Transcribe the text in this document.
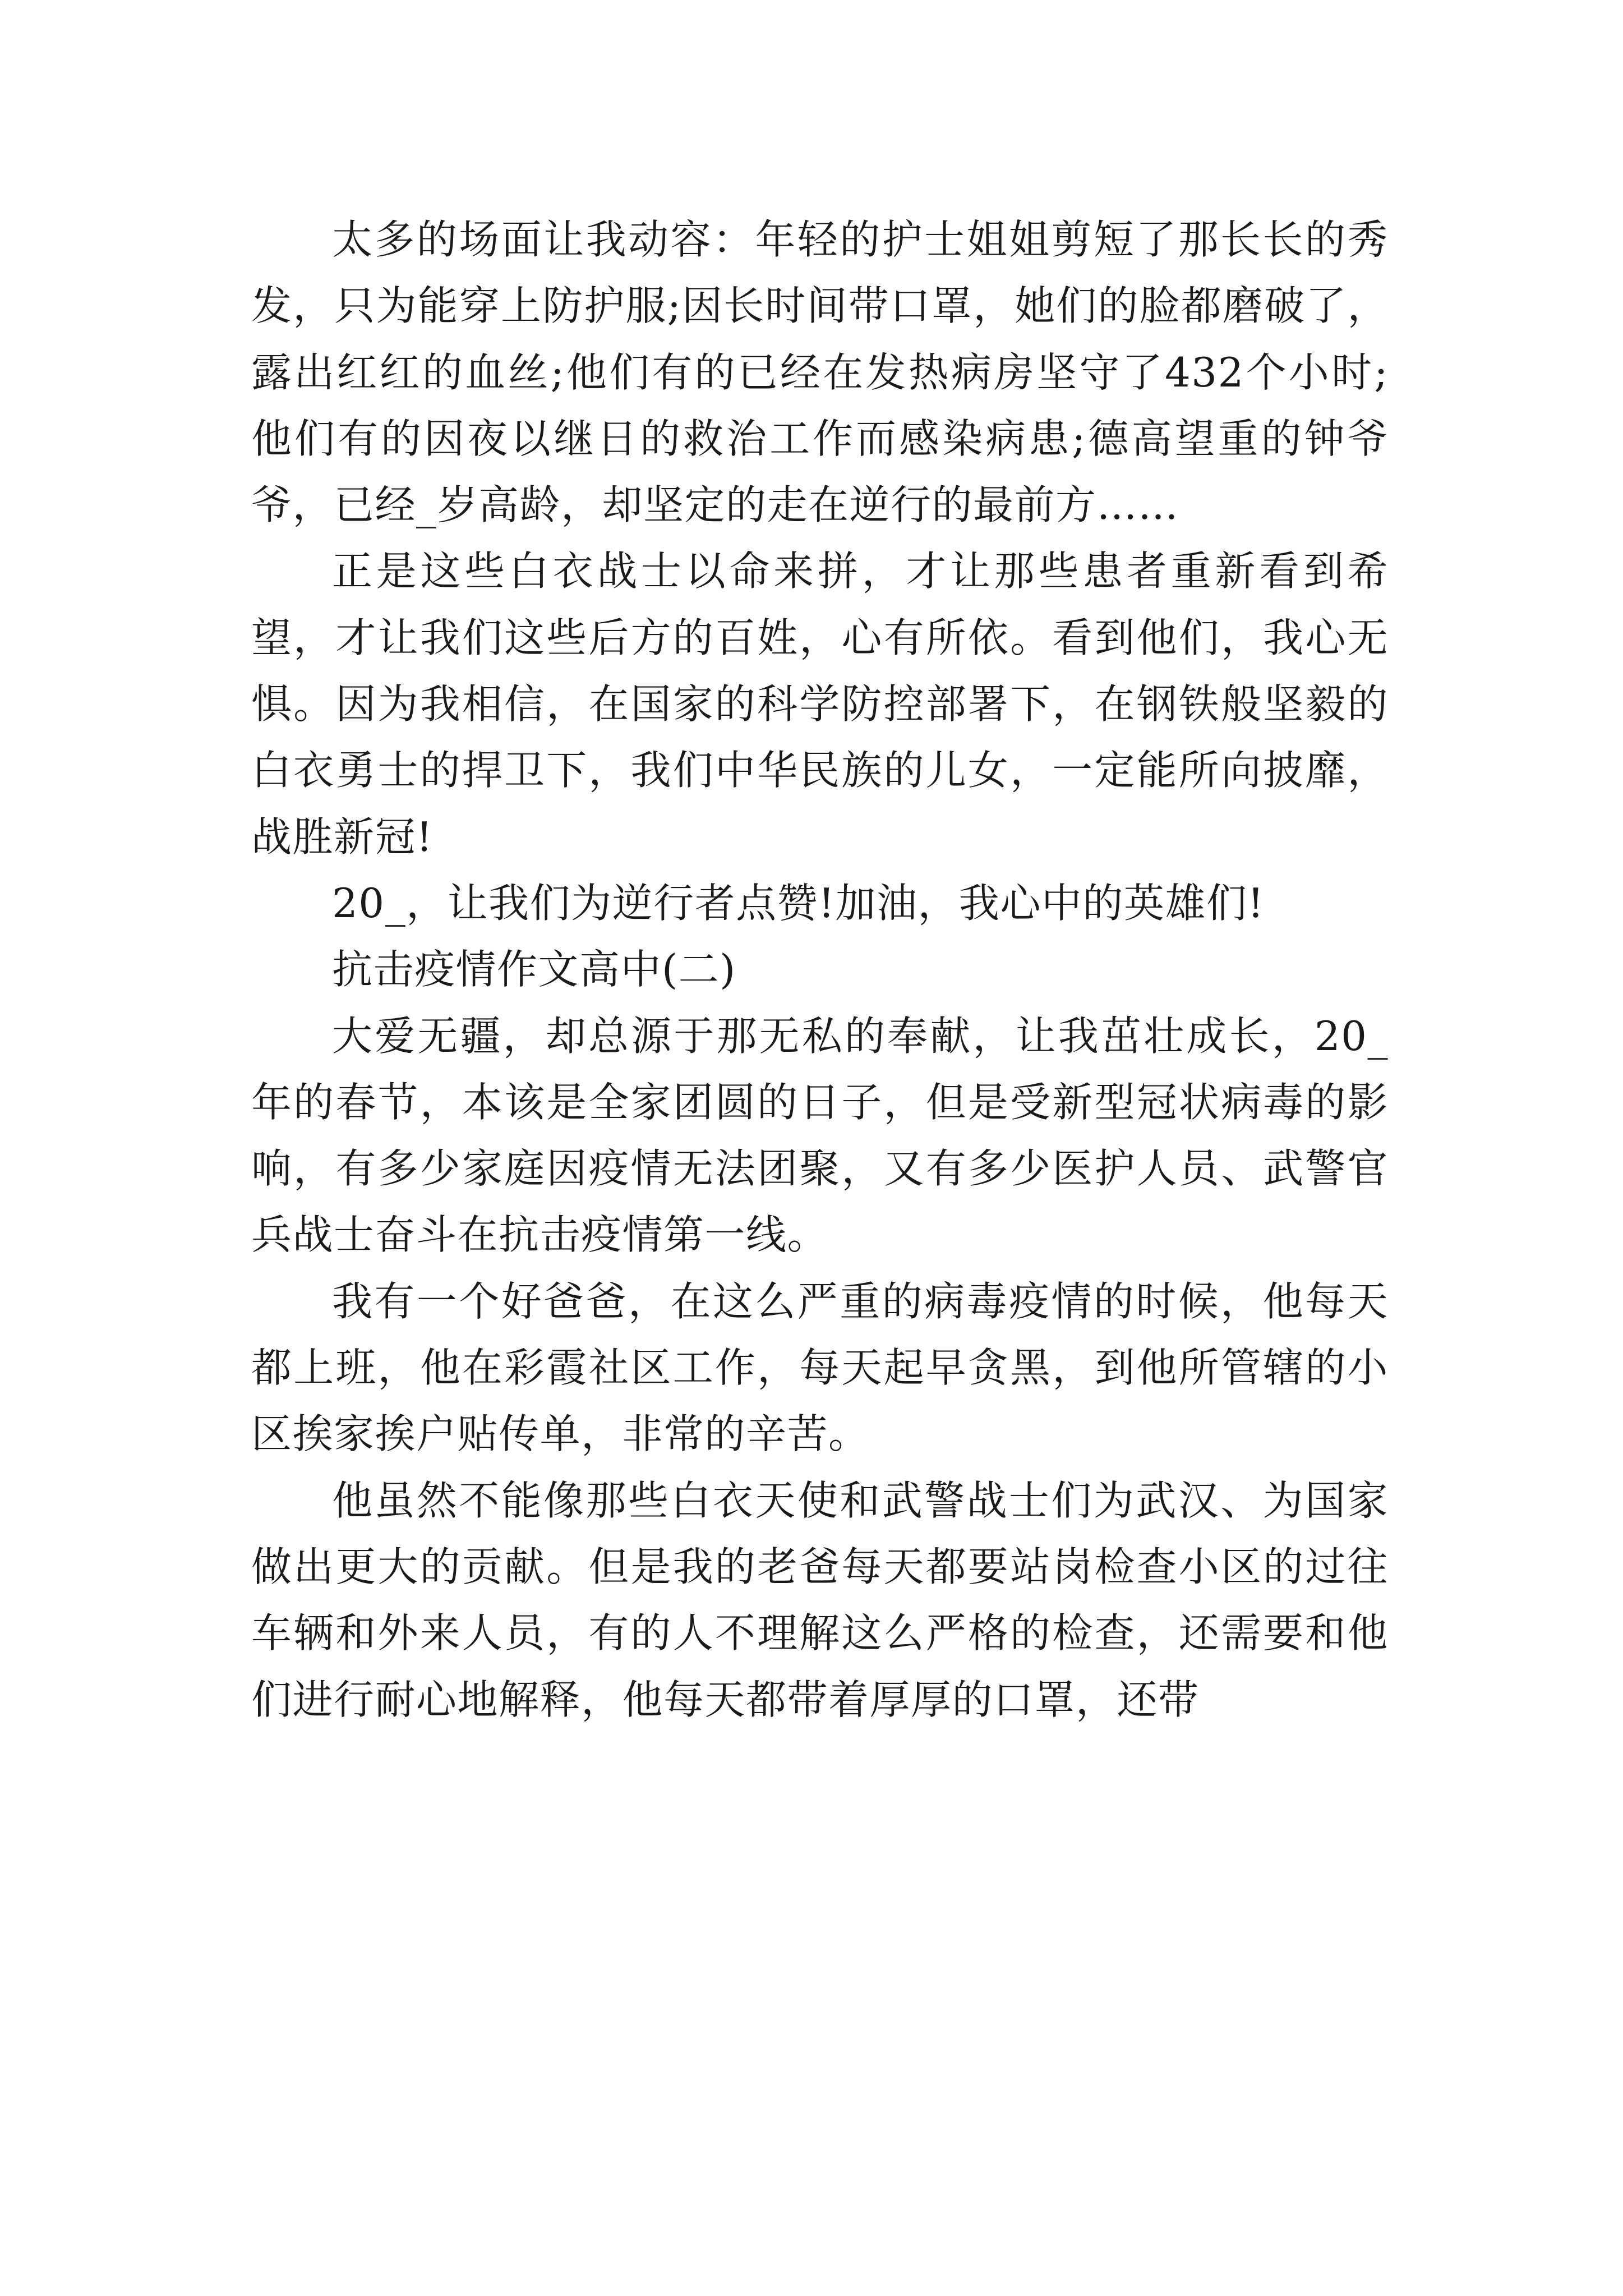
太多的场面让我动容：年轻的护士姐姐剪短了那长长的秀发，只为能穿上防护服;因长时间带口罩，她们的脸都磨破了，露出红红的血丝;他们有的已经在发热病房坚守了432个小时;他们有的因夜以继日的救治工作而感染病患;德高望重的钟爷爷，已经_岁高龄，却坚定的走在逆行的最前方……

正是这些白衣战士以命来拼，才让那些患者重新看到希望，才让我们这些后方的百姓，心有所依。看到他们，我心无惧。因为我相信，在国家的科学防控部署下，在钢铁般坚毅的白衣勇士的捍卫下，我们中华民族的儿女，一定能所向披靡，战胜新冠!

20_，让我们为逆行者点赞!加油，我心中的英雄们!

抗击疫情作文高中(二)

大爱无疆，却总源于那无私的奉献，让我茁壮成长，20_年的春节，本该是全家团圆的日子，但是受新型冠状病毒的影响，有多少家庭因疫情无法团聚，又有多少医护人员、武警官兵战士奋斗在抗击疫情第一线。

我有一个好爸爸，在这么严重的病毒疫情的时候，他每天都上班，他在彩霞社区工作，每天起早贪黑，到他所管辖的小区挨家挨户贴传单，非常的辛苦。

他虽然不能像那些白衣天使和武警战士们为武汉、为国家做出更大的贡献。但是我的老爸每天都要站岗检查小区的过往车辆和外来人员，有的人不理解这么严格的检查，还需要和他们进行耐心地解释，他每天都带着厚厚的口罩，还带
